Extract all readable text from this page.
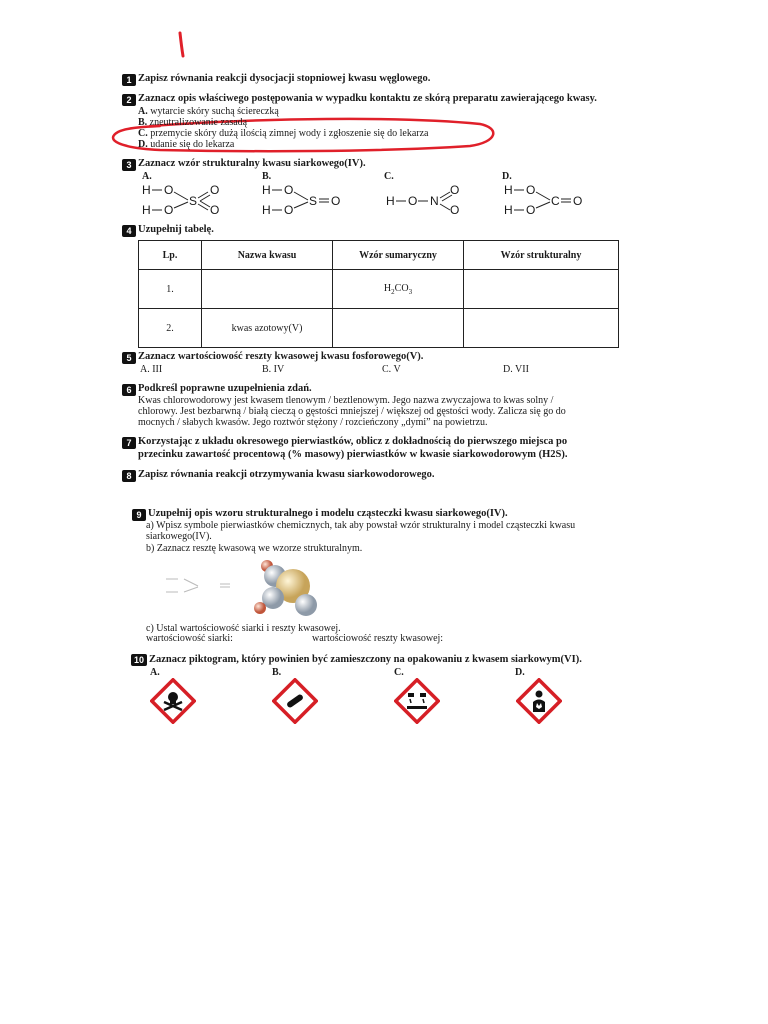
1 Zapisz równania reakcji dysocjacji stopniowej kwasu węglowego.
2 Zaznacz opis właściwego postępowania w wypadku kontaktu ze skórą preparatu zawierającego kwasy.
A. wytarcie skóry suchą ściereczką
B. zneutralizowanie zasadą
C. przemycie skóry dużą ilością zimnej wody i zgłoszenie się do lekarza
D. udanie się do lekarza
3 Zaznacz wzór strukturalny kwasu siarkowego(IV).
A.	B.	C.	D.
H O
H O
S
O
O
H O
H O
S O	H O N
O
O
H O
H O
C O
4 Uzupełnij tabelę.
Lp.	Nazwa kwasu	Wzór sumaryczny	Wzór strukturalny
1.		$H_2CO_3$	
2.	kwas azotowy(V)		
5 Zaznacz wartościowość reszty kwasowej kwasu fosforowego(V).
A. III	B. IV	C. V	D. VII
6 Podkreśl poprawne uzupełnienia zdań.
Kwas chlorowodorowy jest kwasem tlenowym / beztlenowym. Jego nazwa zwyczajowa to kwas solny /
chlorowy. Jest bezbarwną / białą cieczą o gęstości mniejszej / większej od gęstości wody. Zalicza się go do
mocnych / słabych kwasów. Jego roztwór stężony / rozcieńczony „dymi” na powietrzu.
7 Korzystając z układu okresowego pierwiastków, oblicz z dokładnością do pierwszego miejsca po
przecinku zawartość procentową (% masowy) pierwiastków w kwasie siarkowodorowym (H2S).
8 Zapisz równania reakcji otrzymywania kwasu siarkowodorowego.
9 Uzupełnij opis wzoru strukturalnego i modelu cząsteczki kwasu siarkowego(IV).
a) Wpisz symbole pierwiastków chemicznych, tak aby powstał wzór strukturalny i model cząsteczki kwasu
siarkowego(IV).
b) Zaznacz resztę kwasową we wzorze strukturalnym.
c) Ustal wartościowość siarki i reszty kwasowej.
wartościowość siarki:	wartościowość reszty kwasowej:
10 Zaznacz piktogram, który powinien być zamieszczony na opakowaniu z kwasem siarkowym(VI).
A.	B.	C.	D.
